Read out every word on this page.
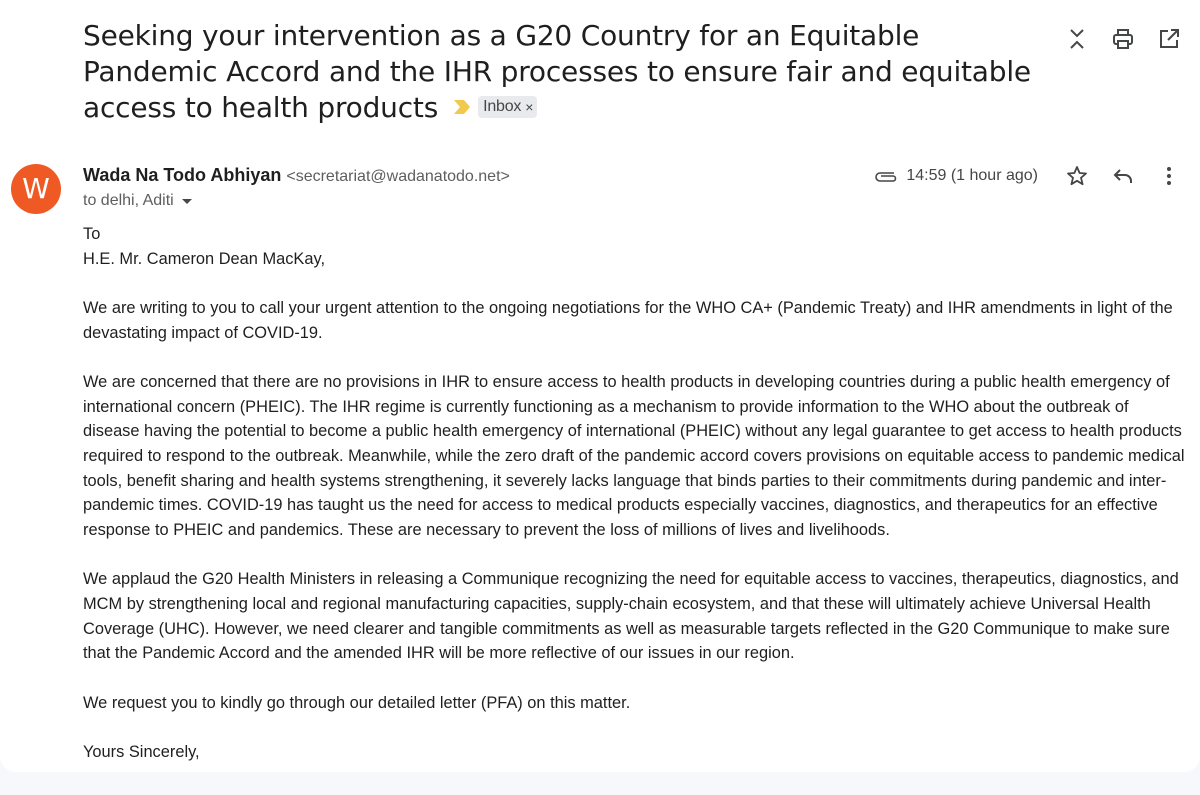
Seeking your intervention as a G20 Country for an Equitable Pandemic Accord and the IHR processes to ensure fair and equitable access to health products	Inbox ×
W	Wada Na Todo Abhiyan <secretariat@wadanatodo.net>
to delhi, Aditi
14:59 (1 hour ago)

To
H.E. Mr. Cameron Dean MacKay,

We are writing to you to call your urgent attention to the ongoing negotiations for the WHO CA+ (Pandemic Treaty) and IHR amendments in light of the devastating impact of COVID-19.

We are concerned that there are no provisions in IHR to ensure access to health products in developing countries during a public health emergency of international concern (PHEIC). The IHR regime is currently functioning as a mechanism to provide information to the WHO about the outbreak of disease having the potential to become a public health emergency of international (PHEIC) without any legal guarantee to get access to health products required to respond to the outbreak. Meanwhile, while the zero draft of the pandemic accord covers provisions on equitable access to pandemic medical tools, benefit sharing and health systems strengthening, it severely lacks language that binds parties to their commitments during pandemic and inter-pandemic times. COVID-19 has taught us the need for access to medical products especially vaccines, diagnostics, and therapeutics for an effective response to PHEIC and pandemics. These are necessary to prevent the loss of millions of lives and livelihoods.

We applaud the G20 Health Ministers in releasing a Communique recognizing the need for equitable access to vaccines, therapeutics, diagnostics, and MCM by strengthening local and regional manufacturing capacities, supply-chain ecosystem, and that these will ultimately achieve Universal Health Coverage (UHC). However, we need clearer and tangible commitments as well as measurable targets reflected in the G20 Communique to make sure that the Pandemic Accord and the amended IHR will be more reflective of our issues in our region.

We request you to kindly go through our detailed letter (PFA) on this matter.

Yours Sincerely,
